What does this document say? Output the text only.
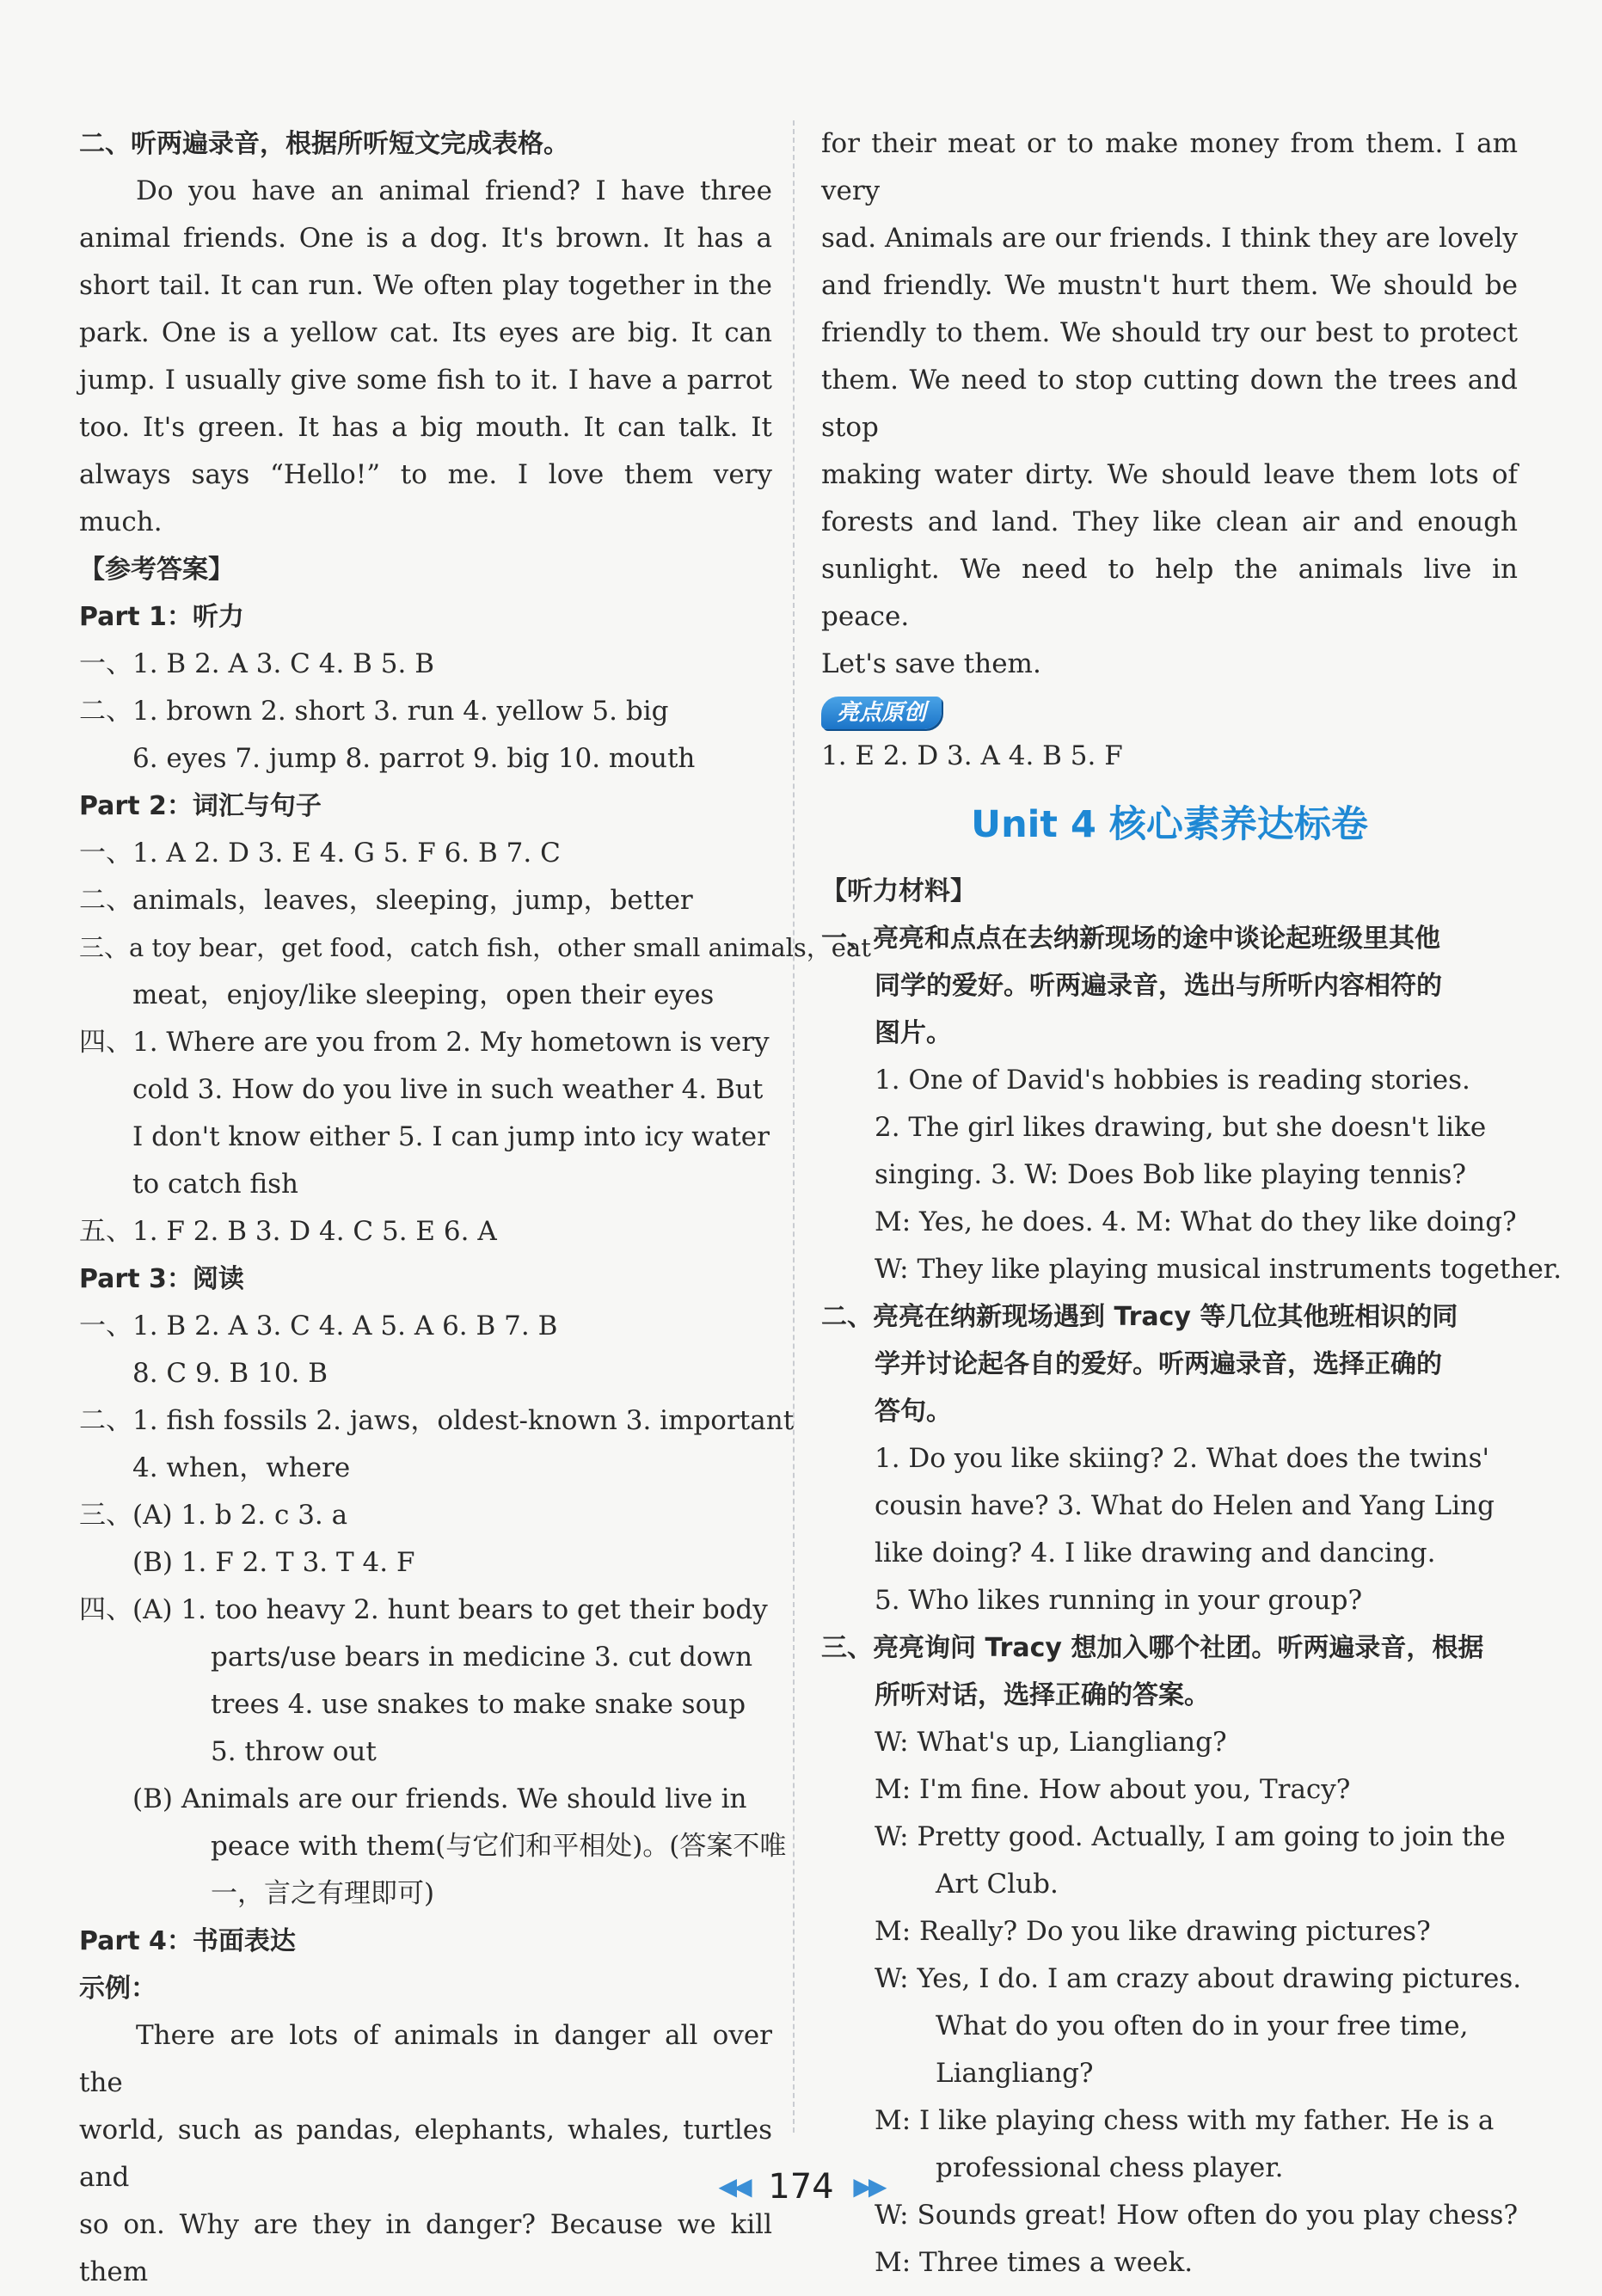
二、听两遍录音，根据所听短文完成表格。
Do you have an animal friend? I have three
animal friends. One is a dog. It's brown. It has a
short tail. It can run. We often play together in the
park. One is a yellow cat. Its eyes are big. It can
jump. I usually give some fish to it. I have a parrot
too. It's green. It has a big mouth. It can talk. It
always says “Hello!” to me. I love them very
much.
【参考答案】
Part 1：听力
一、1. B 2. A 3. C 4. B 5. B
二、1. brown 2. short 3. run 4. yellow 5. big
6. eyes 7. jump 8. parrot 9. big 10. mouth
Part 2：词汇与句子
一、1. A 2. D 3. E 4. G 5. F 6. B 7. C
二、animals，leaves，sleeping，jump，better
三、a toy bear，get food，catch fish，other small animals，eat
meat，enjoy/like sleeping，open their eyes
四、1. Where are you from 2. My hometown is very
cold 3. How do you live in such weather 4. But
I don't know either 5. I can jump into icy water
to catch fish
五、1. F 2. B 3. D 4. C 5. E 6. A
Part 3：阅读
一、1. B 2. A 3. C 4. A 5. A 6. B 7. B
8. C 9. B 10. B
二、1. fish fossils 2. jaws，oldest-known 3. important
4. when，where
三、(A) 1. b 2. c 3. a
(B) 1. F 2. T 3. T 4. F
四、(A) 1. too heavy 2. hunt bears to get their body
parts/use bears in medicine 3. cut down
trees 4. use snakes to make snake soup
5. throw out
(B) Animals are our friends. We should live in
peace with them(与它们和平相处)。(答案不唯
一，言之有理即可)
Part 4：书面表达
示例：
There are lots of animals in danger all over the
world, such as pandas, elephants, whales, turtles and
so on. Why are they in danger? Because we kill them
for their meat or to make money from them. I am very
sad. Animals are our friends. I think they are lovely
and friendly. We mustn't hurt them. We should be
friendly to them. We should try our best to protect
them. We need to stop cutting down the trees and stop
making water dirty. We should leave them lots of
forests and land. They like clean air and enough
sunlight. We need to help the animals live in peace.
Let's save them.
亮点原创
1. E 2. D 3. A 4. B 5. F
Unit 4 核心素养达标卷
【听力材料】
一、亮亮和点点在去纳新现场的途中谈论起班级里其他
同学的爱好。听两遍录音，选出与所听内容相符的
图片。
1. One of David's hobbies is reading stories.
2. The girl likes drawing, but she doesn't like
singing. 3. W: Does Bob like playing tennis?
M: Yes, he does. 4. M: What do they like doing?
W: They like playing musical instruments together.
二、亮亮在纳新现场遇到 Tracy 等几位其他班相识的同
学并讨论起各自的爱好。听两遍录音，选择正确的
答句。
1. Do you like skiing? 2. What does the twins'
cousin have? 3. What do Helen and Yang Ling
like doing? 4. I like drawing and dancing.
5. Who likes running in your group?
三、亮亮询问 Tracy 想加入哪个社团。听两遍录音，根据
所听对话，选择正确的答案。
W: What's up, Liangliang?
M: I'm fine. How about you, Tracy?
W: Pretty good. Actually, I am going to join the
Art Club.
M: Really? Do you like drawing pictures?
W: Yes, I do. I am crazy about drawing pictures.
What do you often do in your free time,
Liangliang?
M: I like playing chess with my father. He is a
professional chess player.
W: Sounds great! How often do you play chess?
M: Three times a week.
◀◀ 174 ▶▶
